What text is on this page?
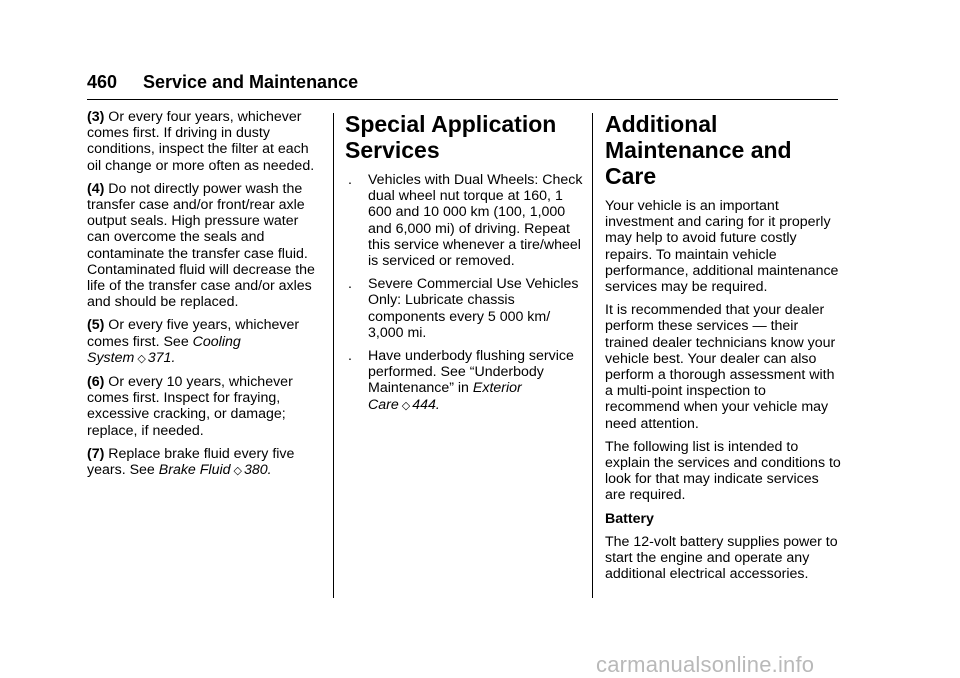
460 Service and Maintenance

(3) Or every four years, whichever comes first. If driving in dusty conditions, inspect the filter at each oil change or more often as needed.

(4) Do not directly power wash the transfer case and/or front/rear axle output seals. High pressure water can overcome the seals and contaminate the transfer case fluid. Contaminated fluid will decrease the life of the transfer case and/or axles and should be replaced.

(5) Or every five years, whichever comes first. See Cooling System ◇ 371.

(6) Or every 10 years, whichever comes first. Inspect for fraying, excessive cracking, or damage; replace, if needed.

(7) Replace brake fluid every five years. See Brake Fluid ◇ 380.

Special Application Services
. Vehicles with Dual Wheels: Check dual wheel nut torque at 160, 1 600 and 10 000 km (100, 1,000 and 6,000 mi) of driving. Repeat this service whenever a tire/wheel is serviced or removed.
. Severe Commercial Use Vehicles Only: Lubricate chassis components every 5 000 km/ 3,000 mi.
. Have underbody flushing service performed. See “Underbody Maintenance” in Exterior Care ◇ 444.
Additional Maintenance and Care

Your vehicle is an important investment and caring for it properly may help to avoid future costly repairs. To maintain vehicle performance, additional maintenance services may be required.

It is recommended that your dealer perform these services — their trained dealer technicians know your vehicle best. Your dealer can also perform a thorough assessment with a multi-point inspection to recommend when your vehicle may need attention.

The following list is intended to explain the services and conditions to look for that may indicate services are required.

Battery

The 12-volt battery supplies power to start the engine and operate any additional electrical accessories.

carmanualsonline.info
